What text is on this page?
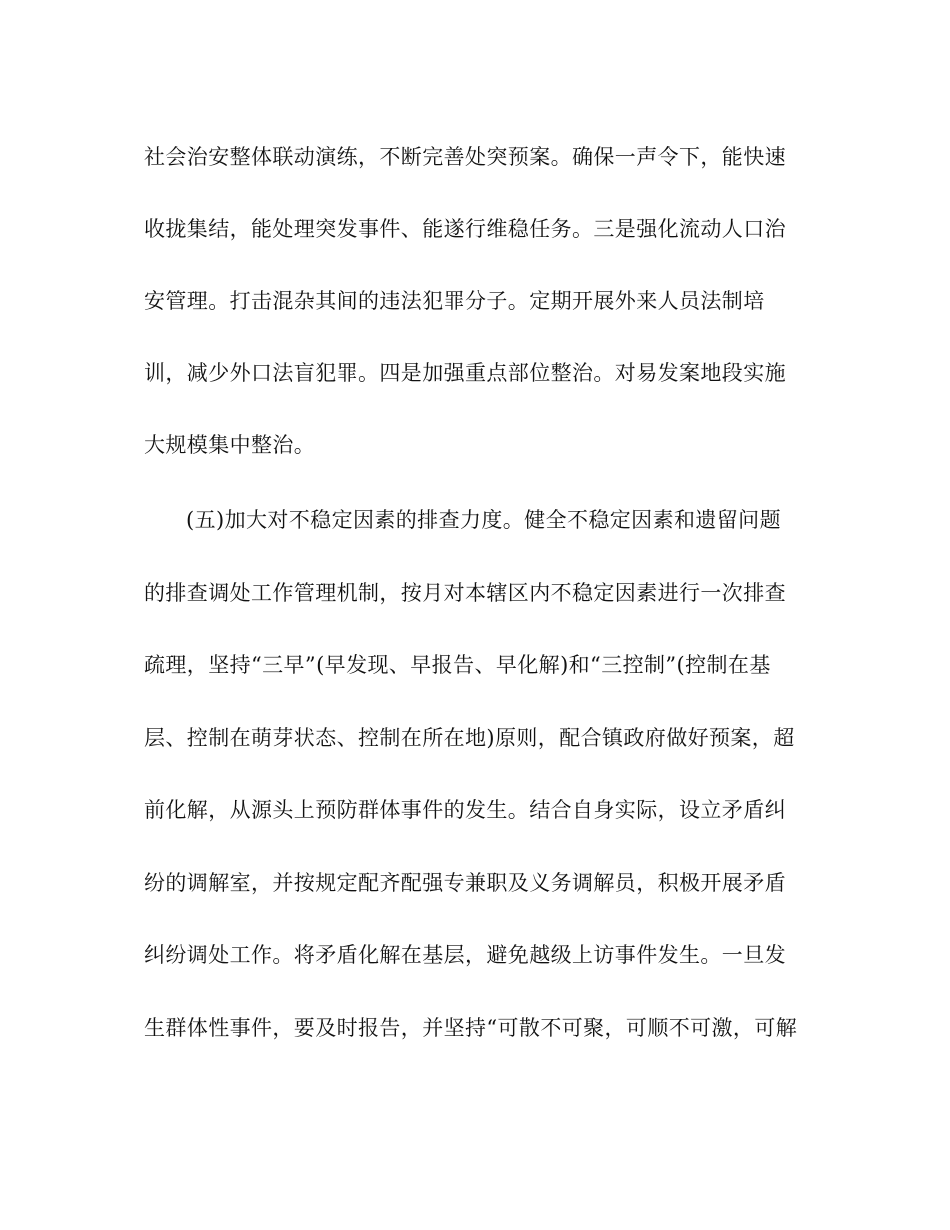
社会治安整体联动演练，不断完善处突预案。确保一声令下，能快速
收拢集结，能处理突发事件、能遂行维稳任务。三是强化流动人口治
安管理。打击混杂其间的违法犯罪分子。定期开展外来人员法制培
训，减少外口法盲犯罪。四是加强重点部位整治。对易发案地段实施
大规模集中整治。
(五)加大对不稳定因素的排查力度。健全不稳定因素和遗留问题
的排查调处工作管理机制，按月对本辖区内不稳定因素进行一次排查
疏理，坚持“三早”(早发现、早报告、早化解)和“三控制”(控制在基
层、控制在萌芽状态、控制在所在地)原则，配合镇政府做好预案，超
前化解，从源头上预防群体事件的发生。结合自身实际，设立矛盾纠
纷的调解室，并按规定配齐配强专兼职及义务调解员，积极开展矛盾
纠纷调处工作。将矛盾化解在基层，避免越级上访事件发生。一旦发
生群体性事件，要及时报告，并坚持“可散不可聚，可顺不可激，可解
